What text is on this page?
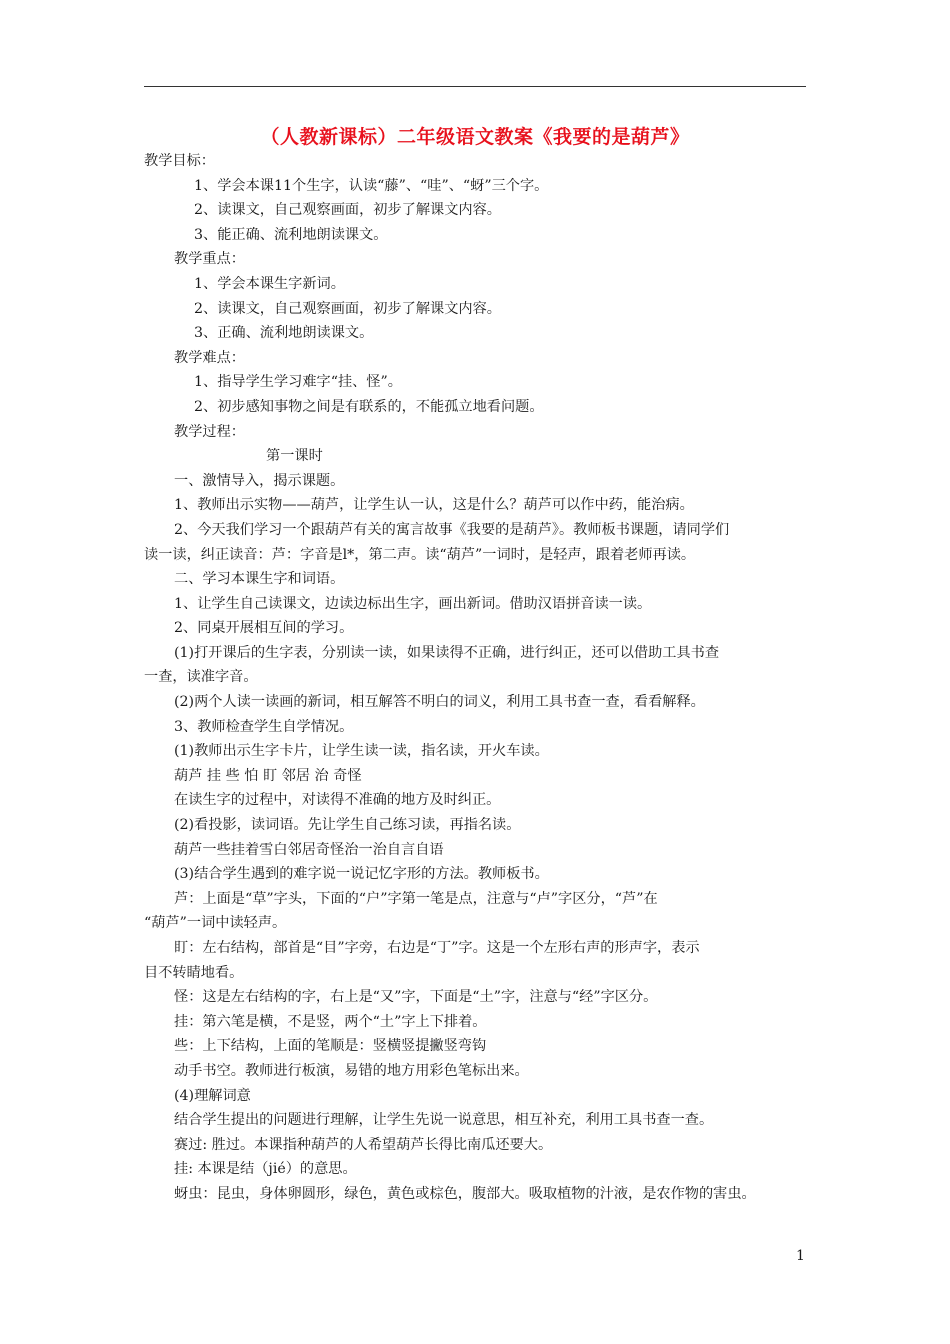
（人教新课标）二年级语文教案《我要的是葫芦》

教学目标：

1、学会本课11个生字，认读“藤”、“哇”、“蚜”三个字。

2、读课文，自己观察画面，初步了解课文内容。

3、能正确、流利地朗读课文。

教学重点：

1、学会本课生字新词。

2、读课文，自己观察画面，初步了解课文内容。

3、正确、流利地朗读课文。

教学难点：

1、指导学生学习难字“挂、怪”。

2、初步感知事物之间是有联系的，不能孤立地看问题。

教学过程：

第一课时

一、激情导入，揭示课题。

1、教师出示实物——葫芦，让学生认一认，这是什么？葫芦可以作中药，能治病。

2、今天我们学习一个跟葫芦有关的寓言故事《我要的是葫芦》。教师板书课题，请同学们

读一读，纠正读音：芦：字音是l*，第二声。读“葫芦”一词时，是轻声，跟着老师再读。

二、学习本课生字和词语。

1、让学生自己读课文，边读边标出生字，画出新词。借助汉语拼音读一读。

2、同桌开展相互间的学习。

(1)打开课后的生字表，分别读一读，如果读得不正确，进行纠正，还可以借助工具书查

一查，读准字音。

(2)两个人读一读画的新词，相互解答不明白的词义，利用工具书查一查，看看解释。

3、教师检查学生自学情况。

(1)教师出示生字卡片，让学生读一读，指名读，开火车读。

葫芦 挂 些 怕 盯 邻居 治 奇怪

在读生字的过程中，对读得不准确的地方及时纠正。

(2)看投影，读词语。先让学生自己练习读，再指名读。

葫芦一些挂着雪白邻居奇怪治一治自言自语

(3)结合学生遇到的难字说一说记忆字形的方法。教师板书。

芦：上面是“草”字头，下面的“户”字第一笔是点，注意与“卢”字区分，“芦”在

“葫芦”一词中读轻声。

盯：左右结构，部首是“目”字旁，右边是“丁”字。这是一个左形右声的形声字，表示

目不转睛地看。

怪：这是左右结构的字，右上是“又”字，下面是“土”字，注意与“经”字区分。

挂：第六笔是横，不是竖，两个“土”字上下排着。

些：上下结构，上面的笔顺是：竖横竖提撇竖弯钩

动手书空。教师进行板演，易错的地方用彩色笔标出来。

(4)理解词意

结合学生提出的问题进行理解，让学生先说一说意思，相互补充，利用工具书查一查。

赛过: 胜过。本课指种葫芦的人希望葫芦长得比南瓜还要大。

挂: 本课是结（jié）的意思。

蚜虫：昆虫，身体卵圆形，绿色，黄色或棕色，腹部大。吸取植物的汁液，是农作物的害虫。

1
